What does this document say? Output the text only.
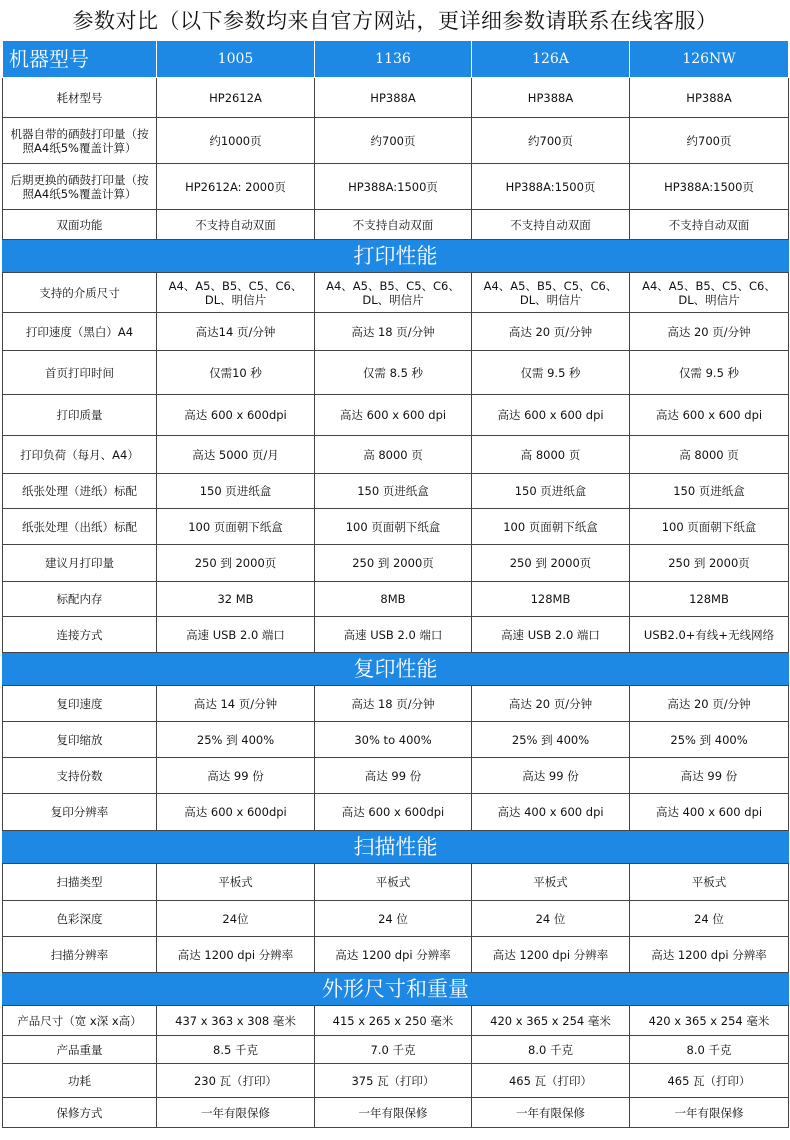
参数对比（以下参数均来自官方网站，更详细参数请联系在线客服）
机器型号	1005	1136	126A	126NW
耗材型号	HP2612A	HP388A	HP388A	HP388A
机器自带的硒鼓打印量（按照A4纸5%覆盖计算）	约1000页	约700页	约700页	约700页
后期更换的硒鼓打印量（按照A4纸5%覆盖计算）	HP2612A: 2000页	HP388A:1500页	HP388A:1500页	HP388A:1500页
双面功能	不支持自动双面	不支持自动双面	不支持自动双面	不支持自动双面
打印性能				
支持的介质尺寸	A4、A5、B5、C5、C6、DL、明信片	A4、A5、B5、C5、C6、DL、明信片	A4、A5、B5、C5、C6、DL、明信片	A4、A5、B5、C5、C6、DL、明信片
打印速度（黑白）A4	高达14 页/分钟	高达 18 页/分钟	高达 20 页/分钟	高达 20 页/分钟
首页打印时间	仅需10 秒	仅需 8.5 秒	仅需 9.5 秒	仅需 9.5 秒
打印质量	高达 600 x 600dpi	高达 600 x 600 dpi	高达 600 x 600 dpi	高达 600 x 600 dpi
打印负荷（每月、A4）	高达 5000 页/月	高 8000 页	高 8000 页	高 8000 页
纸张处理（进纸）标配	150 页进纸盒	150 页进纸盒	150 页进纸盒	150 页进纸盒
纸张处理（出纸）标配	100 页面朝下纸盒	100 页面朝下纸盒	100 页面朝下纸盒	100 页面朝下纸盒
建议月打印量	250 到 2000页	250 到 2000页	250 到 2000页	250 到 2000页
标配内存	32 MB	8MB	128MB	128MB
连接方式	高速 USB 2.0 端口	高速 USB 2.0 端口	高速 USB 2.0 端口	USB2.0+有线+无线网络
复印性能				
复印速度	高达 14 页/分钟	高达 18 页/分钟	高达 20 页/分钟	高达 20 页/分钟
复印缩放	25% 到 400%	30% to 400%	25% 到 400%	25% 到 400%
支持份数	高达 99 份	高达 99 份	高达 99 份	高达 99 份
复印分辨率	高达 600 x 600dpi	高达 600 x 600dpi	高达 400 x 600 dpi	高达 400 x 600 dpi
扫描性能				
扫描类型	平板式	平板式	平板式	平板式
色彩深度	24位	24 位	24 位	24 位
扫描分辨率	高达 1200 dpi 分辨率	高达 1200 dpi 分辨率	高达 1200 dpi 分辨率	高达 1200 dpi 分辨率
外形尺寸和重量				
产品尺寸（宽 x深 x高）	437 x 363 x 308 毫米	415 x 265 x 250 毫米	420 x 365 x 254 毫米	420 x 365 x 254 毫米
产品重量	8.5 千克	7.0 千克	8.0 千克	8.0 千克
功耗	230 瓦（打印）	375 瓦（打印）	465 瓦（打印）	465 瓦（打印）
保修方式	一年有限保修	一年有限保修	一年有限保修	一年有限保修
